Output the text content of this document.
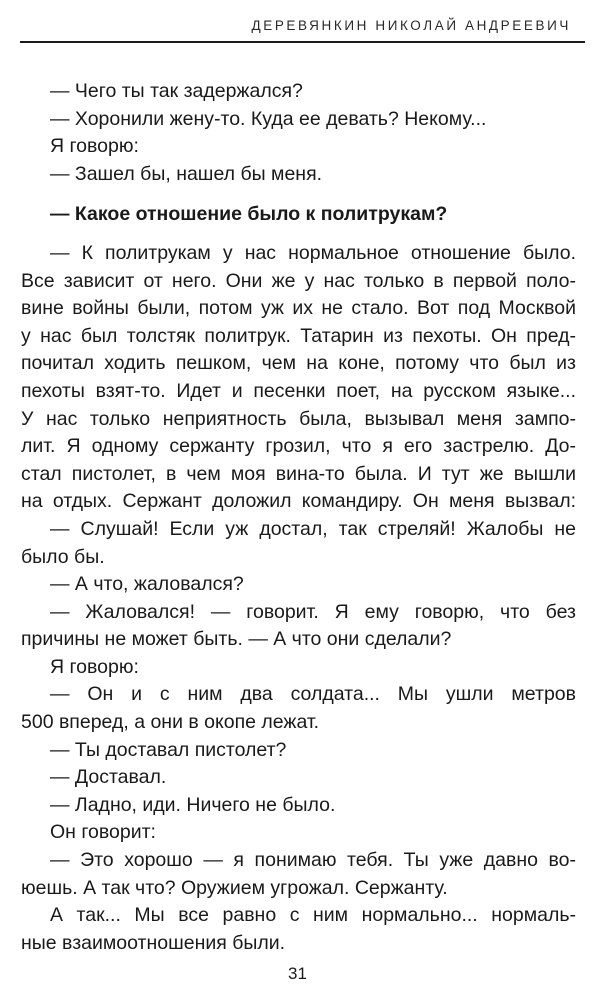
ДЕРЕВЯНКИН НИКОЛАЙ АНДРЕЕВИЧ
— Чего ты так задержался?
— Хоронили жену-то. Куда ее девать? Некому...
Я говорю:
— Зашел бы, нашел бы меня.
— Какое отношение было к политрукам?
— К политрукам у нас нормальное отношение было.
Все зависит от него. Они же у нас только в первой поло-
вине войны были, потом уж их не стало. Вот под Москвой
у нас был толстяк политрук. Татарин из пехоты. Он пред-
почитал ходить пешком, чем на коне, потому что был из
пехоты взят-то. Идет и песенки поет, на русском языке...
У нас только неприятность была, вызывал меня зампо-
лит. Я одному сержанту грозил, что я его застрелю. До-
стал пистолет, в чем моя вина-то была. И тут же вышли
на отдых. Сержант доложил командиру. Он меня вызвал:
— Слушай! Если уж достал, так стреляй! Жалобы не
было бы.
— А что, жаловался?
— Жаловался! — говорит. Я ему говорю, что без
причины не может быть. — А что они сделали?
Я говорю:
— Он и с ним два солдата... Мы ушли метров
500 вперед, а они в окопе лежат.
— Ты доставал пистолет?
— Доставал.
— Ладно, иди. Ничего не было.
Он говорит:
— Это хорошо — я понимаю тебя. Ты уже давно во-
юешь. А так что? Оружием угрожал. Сержанту.
А так... Мы все равно с ним нормально... нормаль-
ные взаимоотношения были.
31
